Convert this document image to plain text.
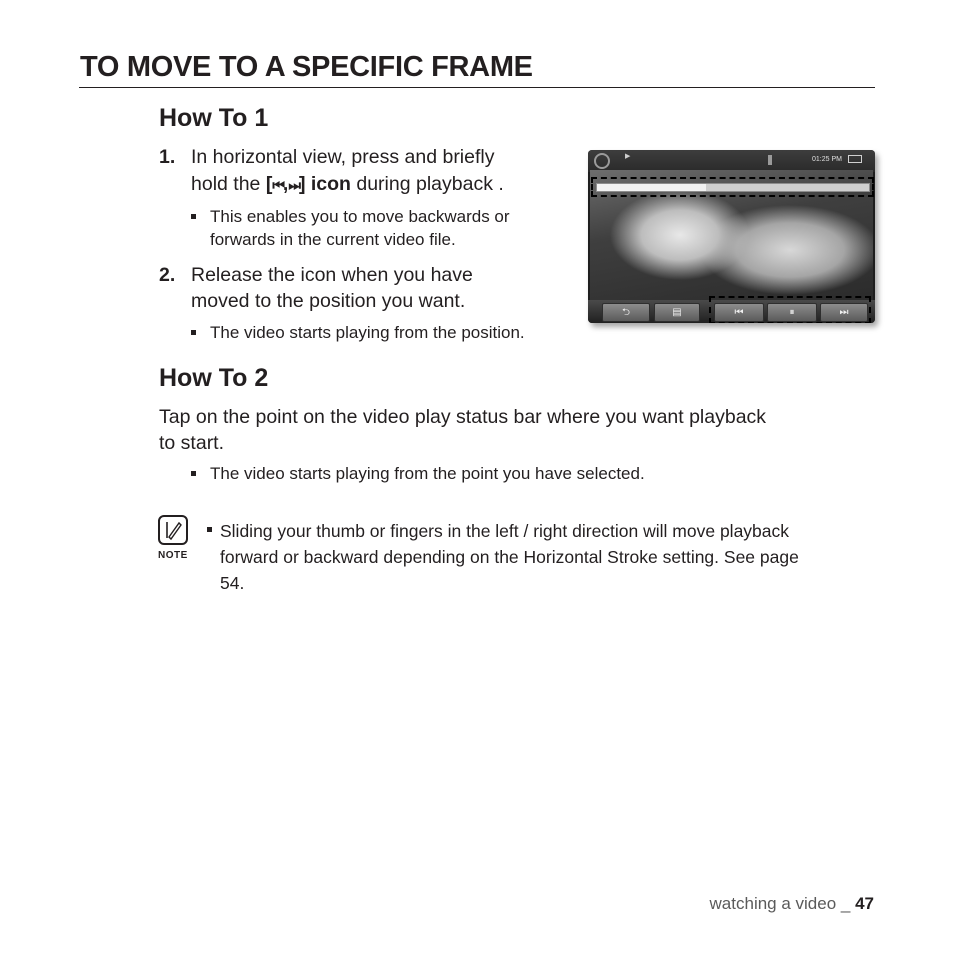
TO MOVE TO A SPECIFIC FRAME
How To 1
1. In horizontal view, press and briefly
hold the [⏮,⏭] icon during playback .
This enables you to move backwards or
forwards in the current video file.
2. Release the icon when you have
moved to the position you want.
The video starts playing from the position.
▶	01:25 PM
⮌	▤	⏮	⏸	⏭
How To 2
Tap on the point on the video play status bar where you want playback
to start.
The video starts playing from the point you have selected.
NOTE
Sliding your thumb or fingers in the left / right direction will move playback
forward or backward depending on the Horizontal Stroke setting. See page
54.
watching a video _ 47
